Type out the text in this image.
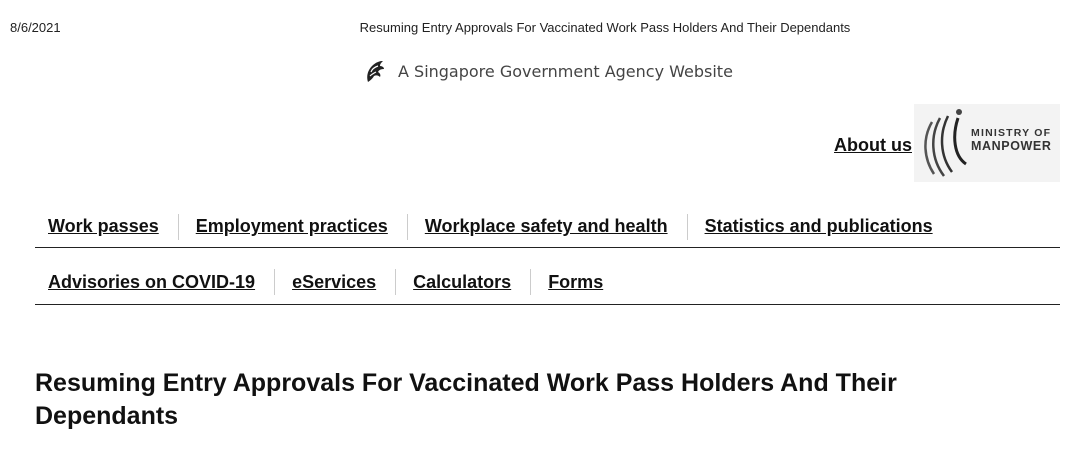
8/6/2021	Resuming Entry Approvals For Vaccinated Work Pass Holders And Their Dependants
A Singapore Government Agency Website
About us
MINISTRY OF
MANPOWER
Work passes	Employment practices	Workplace safety and health	Statistics and publications
Advisories on COVID-19	eServices	Calculators	Forms
Resuming Entry Approvals For Vaccinated Work Pass Holders And Their Dependants
